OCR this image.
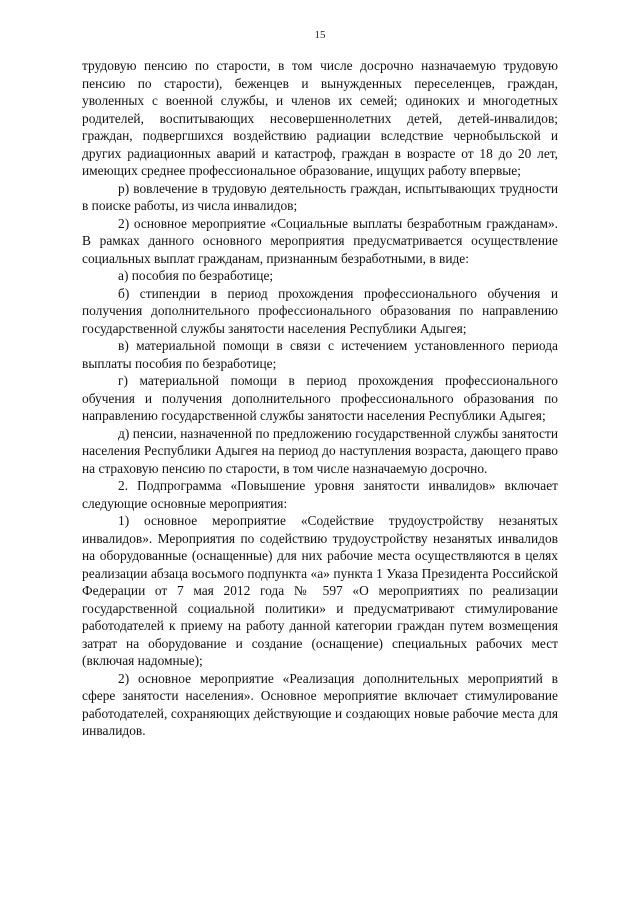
15

трудовую пенсию по старости, в том числе досрочно назначаемую трудовую пенсию по старости), беженцев и вынужденных переселенцев, граждан, уволенных с военной службы, и членов их семей; одиноких и многодетных родителей, воспитывающих несовершеннолетних детей, детей-инвалидов; граждан, подвергшихся воздействию радиации вследствие чернобыльской и других радиационных аварий и катастроф, граждан в возрасте от 18 до 20 лет, имеющих среднее профессиональное образование, ищущих работу впервые;

р) вовлечение в трудовую деятельность граждан, испытывающих трудности в поиске работы, из числа инвалидов;

2) основное мероприятие «Социальные выплаты безработным гражданам». В рамках данного основного мероприятия предусматривается осуществление социальных выплат гражданам, признанным безработными, в виде:

а) пособия по безработице;

б) стипендии в период прохождения профессионального обучения и получения дополнительного профессионального образования по направлению государственной службы занятости населения Республики Адыгея;

в) материальной помощи в связи с истечением установленного периода выплаты пособия по безработице;

г) материальной помощи в период прохождения профессионального обучения и получения дополнительного профессионального образования по направлению государственной службы занятости населения Республики Адыгея;

д) пенсии, назначенной по предложению государственной службы занятости населения Республики Адыгея на период до наступления возраста, дающего право на страховую пенсию по старости, в том числе назначаемую досрочно.

2. Подпрограмма «Повышение уровня занятости инвалидов» включает следующие основные мероприятия:

1) основное мероприятие «Содействие трудоустройству незанятых инвалидов». Мероприятия по содействию трудоустройству незанятых инвалидов на оборудованные (оснащенные) для них рабочие места осуществляются в целях реализации абзаца восьмого подпункта «а» пункта 1 Указа Президента Российской Федерации от 7 мая 2012 года № 597 «О мероприятиях по реализации государственной социальной политики» и предусматривают стимулирование работодателей к приему на работу данной категории граждан путем возмещения затрат на оборудование и создание (оснащение) специальных рабочих мест (включая надомные);

2) основное мероприятие «Реализация дополнительных мероприятий в сфере занятости населения». Основное мероприятие включает стимулирование работодателей, сохраняющих действующие и создающих новые рабочие места для инвалидов.
